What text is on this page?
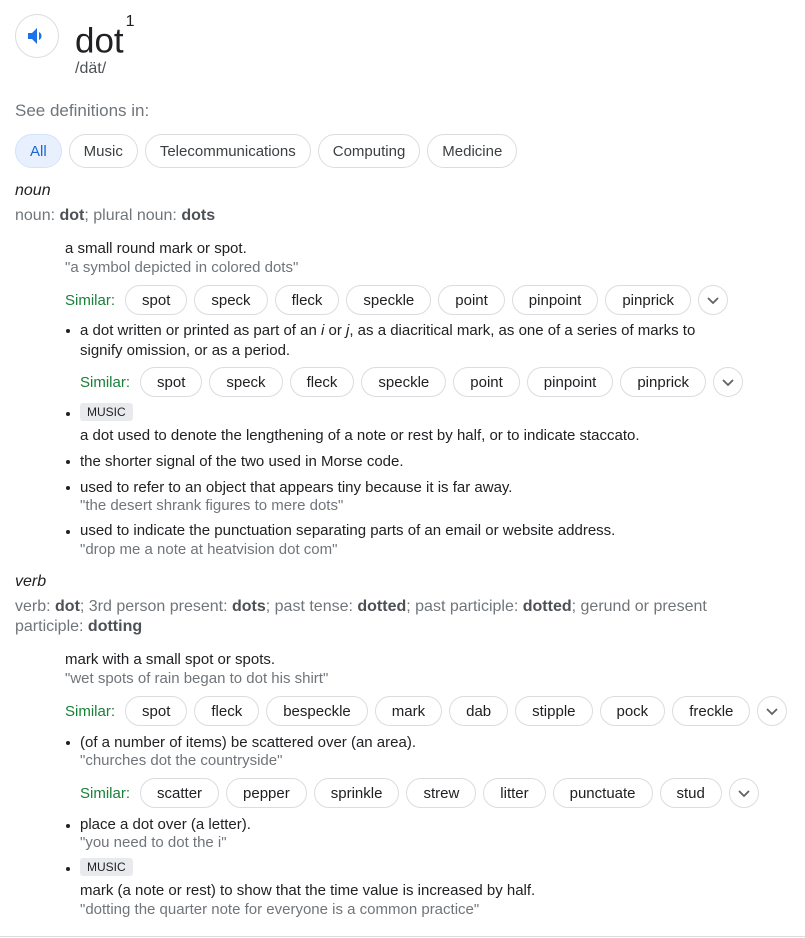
dot$^1$
/dät/
See definitions in:
All	Music	Telecommunications	Computing	Medicine
noun
noun: dot; plural noun: dots
a small round mark or spot.
"a symbol depicted in colored dots"
Similar:	spot	speck	fleck	speckle	point	pinpoint	pinprick
a dot written or printed as part of an i or j, as a diacritical mark, as one of a series of marks to
signify omission, or as a period.
Similar:	spot	speck	fleck	speckle	point	pinpoint	pinprick
MUSIC
a dot used to denote the lengthening of a note or rest by half, or to indicate staccato.
the shorter signal of the two used in Morse code.
used to refer to an object that appears tiny because it is far away.
"the desert shrank figures to mere dots"
used to indicate the punctuation separating parts of an email or website address.
"drop me a note at heatvision dot com"
verb
verb: dot; 3rd person present: dots; past tense: dotted; past participle: dotted; gerund or present
participle: dotting
mark with a small spot or spots.
"wet spots of rain began to dot his shirt"
Similar:	spot	fleck	bespeckle	mark	dab	stipple	pock	freckle
(of a number of items) be scattered over (an area).
"churches dot the countryside"
Similar:	scatter	pepper	sprinkle	strew	litter	punctuate	stud
place a dot over (a letter).
"you need to dot the i"
MUSIC
mark (a note or rest) to show that the time value is increased by half.
"dotting the quarter note for everyone is a common practice"
